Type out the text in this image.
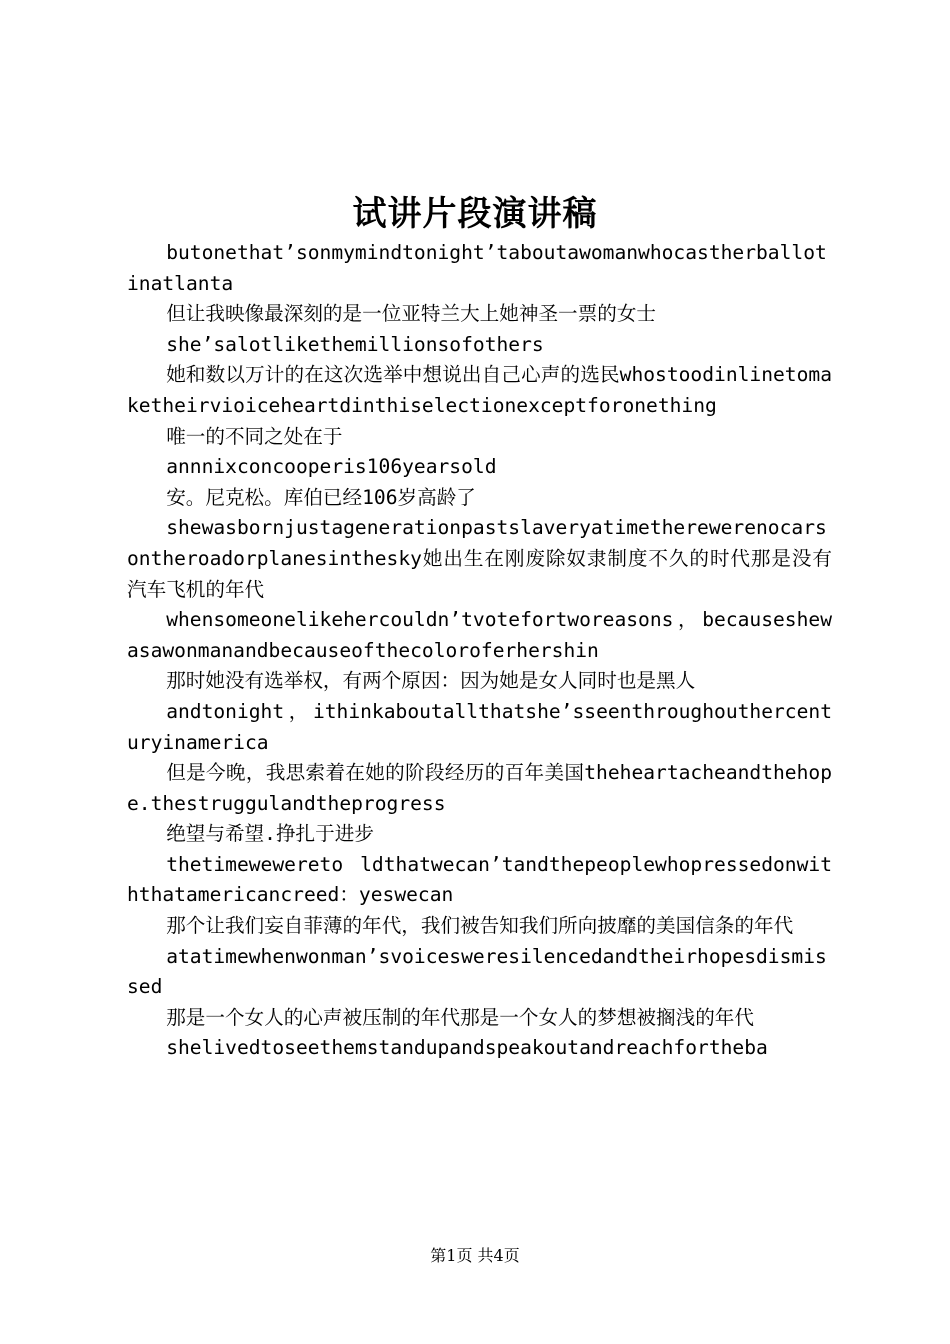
试讲片段演讲稿

butonethat’sonmymindtonight’taboutawomanwhocastherballotinatlanta

但让我映像最深刻的是一位亚特兰大上她神圣一票的女士

she’salotlikethemillionsofothers

她和数以万计的在这次选举中想说出自己心声的选民whostoodinlinetomaketheirvioiceheartdinthiselectionexceptforonething

唯一的不同之处在于

annnixconcooperis106yearsold

安。尼克松。库伯已经106岁高龄了

shewasbornjustagenerationpastslaveryatimetherewerenocarsontheroadorplanesinthesky她出生在刚废除奴隶制度不久的时代那是没有汽车飞机的年代

whensomeonelikehercouldn’tvotefortworeasons，becauseshewasawonmanandbecauseofthecoloroferhershin

那时她没有选举权，有两个原因：因为她是女人同时也是黑人

andtonight，ithinkaboutallthatshe’sseenthroughouthercenturyinamerica

但是今晚，我思索着在她的阶段经历的百年美国theheartacheandthehope.thestruggulandtheprogress

绝望与希望.挣扎于进步

thetimewewereto ldthatwecan’tandthepeoplewhopressedonwiththatamericancreed：yeswecan

那个让我们妄自菲薄的年代，我们被告知我们所向披靡的美国信条的年代

atatimewhenwonman’svoicesweresilencedandtheirhopesdismissed

那是一个女人的心声被压制的年代那是一个女人的梦想被搁浅的年代

shelivedtoseethemstandupandspeakoutandreachfortheba

第1页 共4页
